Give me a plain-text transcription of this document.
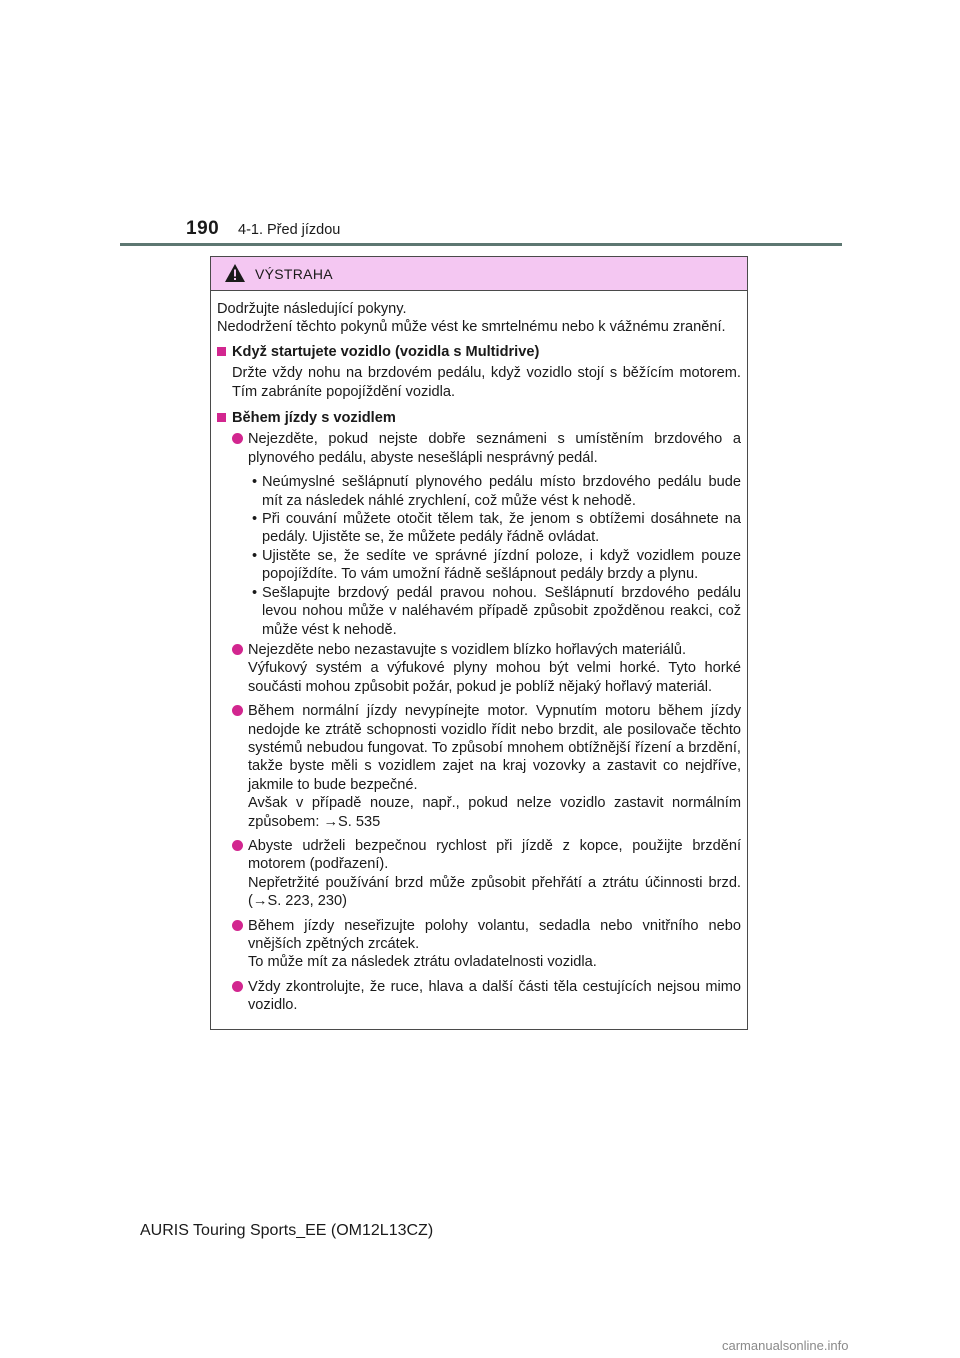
190 4-1. Před jízdou
VÝSTRAHA

Dodržujte následující pokyny.

Nedodržení těchto pokynů může vést ke smrtelnému nebo k vážnému zranění.

Když startujete vozidlo (vozidla s Multidrive)

Držte vždy nohu na brzdovém pedálu, když vozidlo stojí s běžícím motorem. Tím zabráníte popojíždění vozidla.

Během jízdy s vozidlem
Nejezděte, pokud nejste dobře seznámeni s umístěním brzdového a plynového pedálu, abyste nesešlápli nesprávný pedál.
• Neúmyslné sešlápnutí plynového pedálu místo brzdového pedálu bude mít za následek náhlé zrychlení, což může vést k nehodě.
• Při couvání můžete otočit tělem tak, že jenom s obtížemi dosáhnete na pedály. Ujistěte se, že můžete pedály řádně ovládat.
• Ujistěte se, že sedíte ve správné jízdní poloze, i když vozidlem pouze popojíždíte. To vám umožní řádně sešlápnout pedály brzdy a plynu.
• Sešlapujte brzdový pedál pravou nohou. Sešlápnutí brzdového pedálu levou nohou může v naléhavém případě způsobit zpožděnou reakci, což může vést k nehodě.
Nejezděte nebo nezastavujte s vozidlem blízko hořlavých materiálů.
Výfukový systém a výfukové plyny mohou být velmi horké. Tyto horké součásti mohou způsobit požár, pokud je poblíž nějaký hořlavý materiál.
Během normální jízdy nevypínejte motor. Vypnutím motoru během jízdy nedojde ke ztrátě schopnosti vozidlo řídit nebo brzdit, ale posilovače těchto systémů nebudou fungovat. To způsobí mnohem obtížnější řízení a brzdění, takže byste měli s vozidlem zajet na kraj vozovky a zastavit co nejdříve, jakmile to bude bezpečné.
Avšak v případě nouze, např., pokud nelze vozidlo zastavit normálním způsobem: →S. 535
Abyste udrželi bezpečnou rychlost při jízdě z kopce, použijte brzdění motorem (podřazení).
Nepřetržité používání brzd může způsobit přehřátí a ztrátu účinnosti brzd. (→S. 223, 230)
Během jízdy neseřizujte polohy volantu, sedadla nebo vnitřního nebo vnějších zpětných zrcátek.
To může mít za následek ztrátu ovladatelnosti vozidla.
Vždy zkontrolujte, že ruce, hlava a další části těla cestujících nejsou mimo vozidlo.
AURIS Touring Sports_EE (OM12L13CZ)
carmanualsonline.info
